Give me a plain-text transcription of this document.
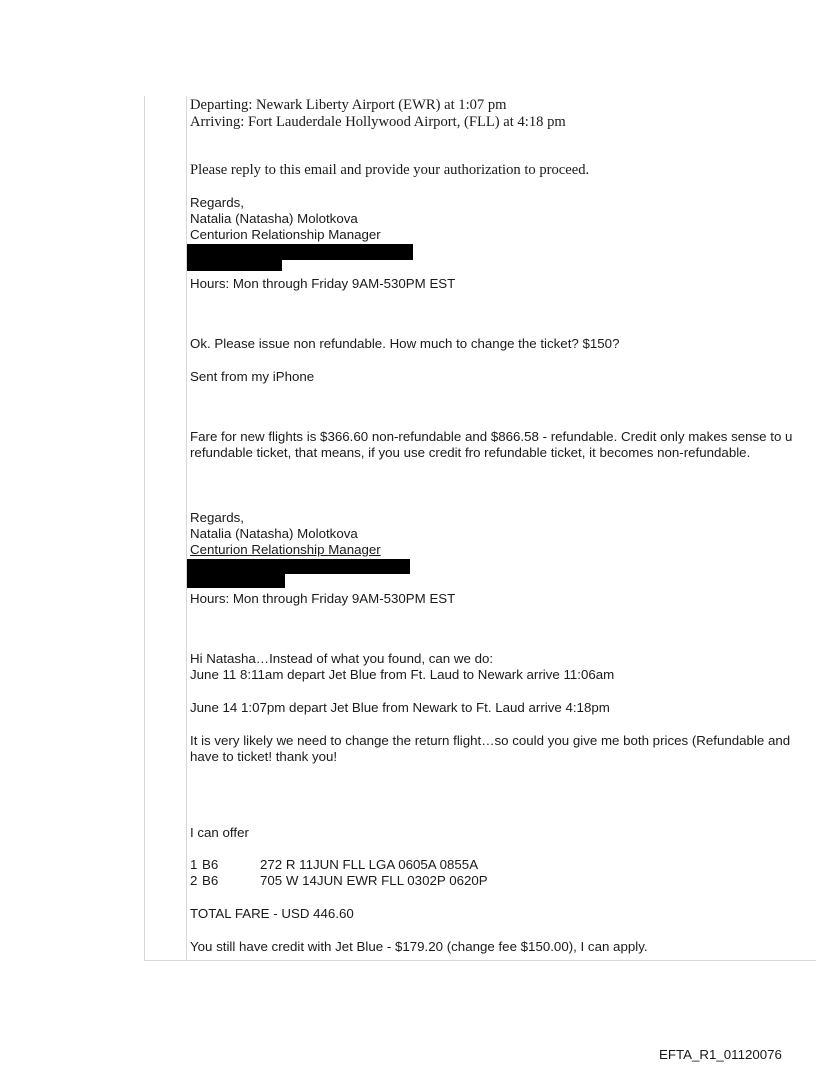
Departing: Newark Liberty Airport (EWR) at 1:07 pm
Arriving: Fort Lauderdale Hollywood Airport, (FLL) at 4:18 pm
Please reply to this email and provide your authorization to proceed.
Regards,
Natalia (Natasha) Molotkova
Centurion Relationship Manager
Hours: Mon through Friday 9AM-530PM EST
Ok. Please issue non refundable. How much to change the ticket? $150?
Sent from my iPhone
Fare for new flights is $366.60 non-refundable and $866.58 - refundable. Credit only makes sense to u
refundable ticket, that means, if you use credit fro refundable ticket, it becomes non-refundable.
Regards,
Natalia (Natasha) Molotkova
Centurion Relationship Manager
Hours: Mon through Friday 9AM-530PM EST
Hi Natasha…Instead of what you found, can we do:
June 11 8:11am depart Jet Blue from Ft. Laud to Newark arrive 11:06am
June 14 1:07pm depart Jet Blue from Newark to Ft. Laud arrive 4:18pm
It is very likely we need to change the return flight…so could you give me both prices (Refundable and
have to ticket! thank you!
I can offer
1 B6	272 R 11JUN FLL LGA 0605A 0855A
2 B6	705 W 14JUN EWR FLL 0302P 0620P
TOTAL FARE - USD 446.60
You still have credit with Jet Blue - $179.20 (change fee $150.00), I can apply.
EFTA_R1_01120076
